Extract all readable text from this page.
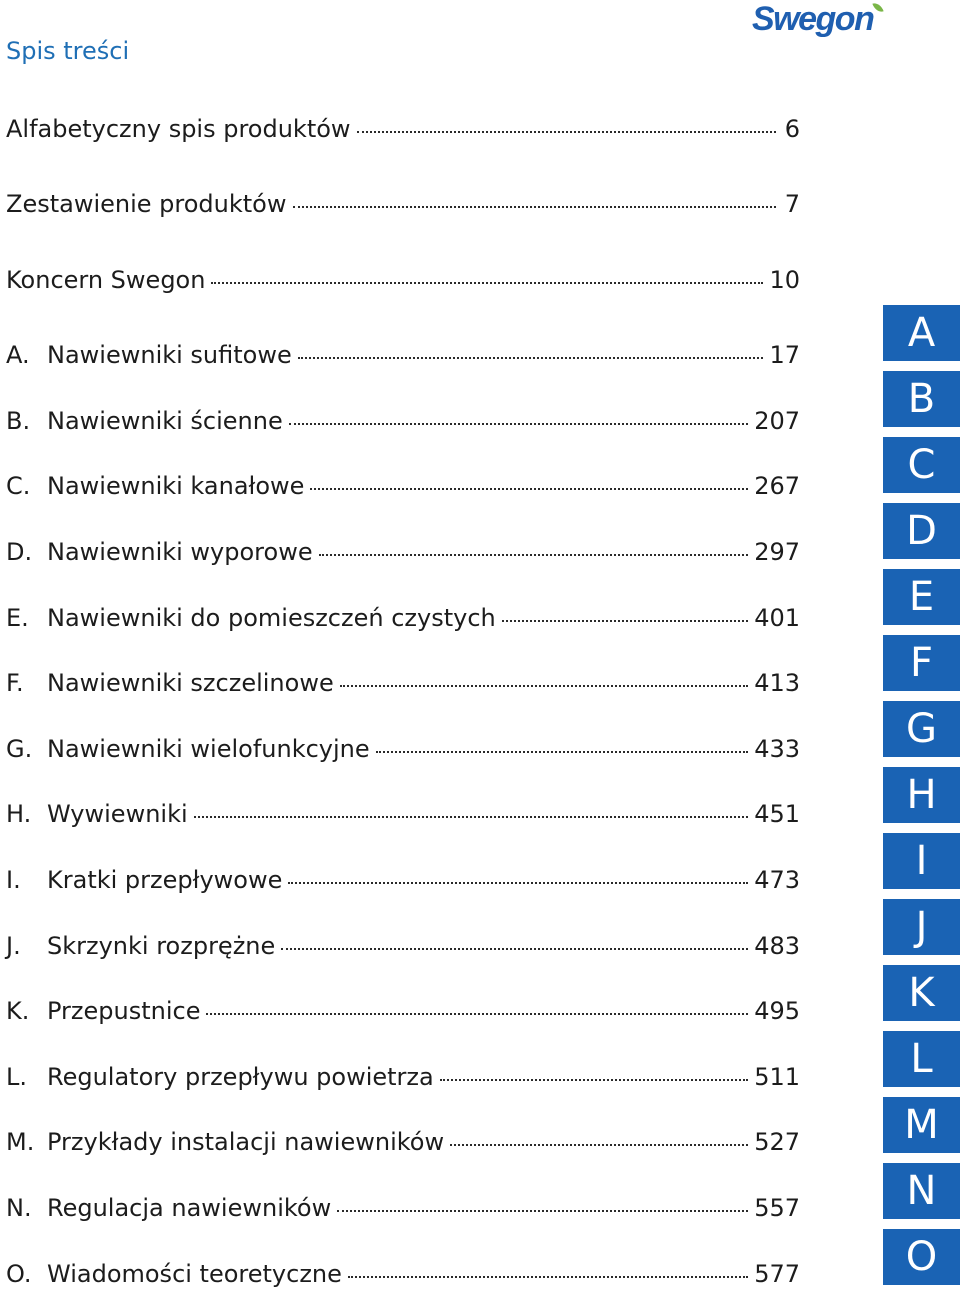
Swegon
Spis treści
Alfabetyczny spis produktów	6
Zestawienie produktów	7
Koncern Swegon	10
A. Nawiewniki sufitowe	17
B. Nawiewniki ścienne	207
C. Nawiewniki kanałowe	267
D. Nawiewniki wyporowe	297
E. Nawiewniki do pomieszczeń czystych	401
F. Nawiewniki szczelinowe	413
G. Nawiewniki wielofunkcyjne	433
H. Wywiewniki	451
I.	Kratki przepływowe	473
J.	Skrzynki rozprężne	483
K. Przepustnice	495
L. Regulatory przepływu powietrza	511
M. Przykłady instalacji nawiewników	527
N. Regulacja nawiewników	557
O. Wiadomości teoretyczne	577
A
B
C
D
E
F
G
H
I
J
K
L
M
N
O
